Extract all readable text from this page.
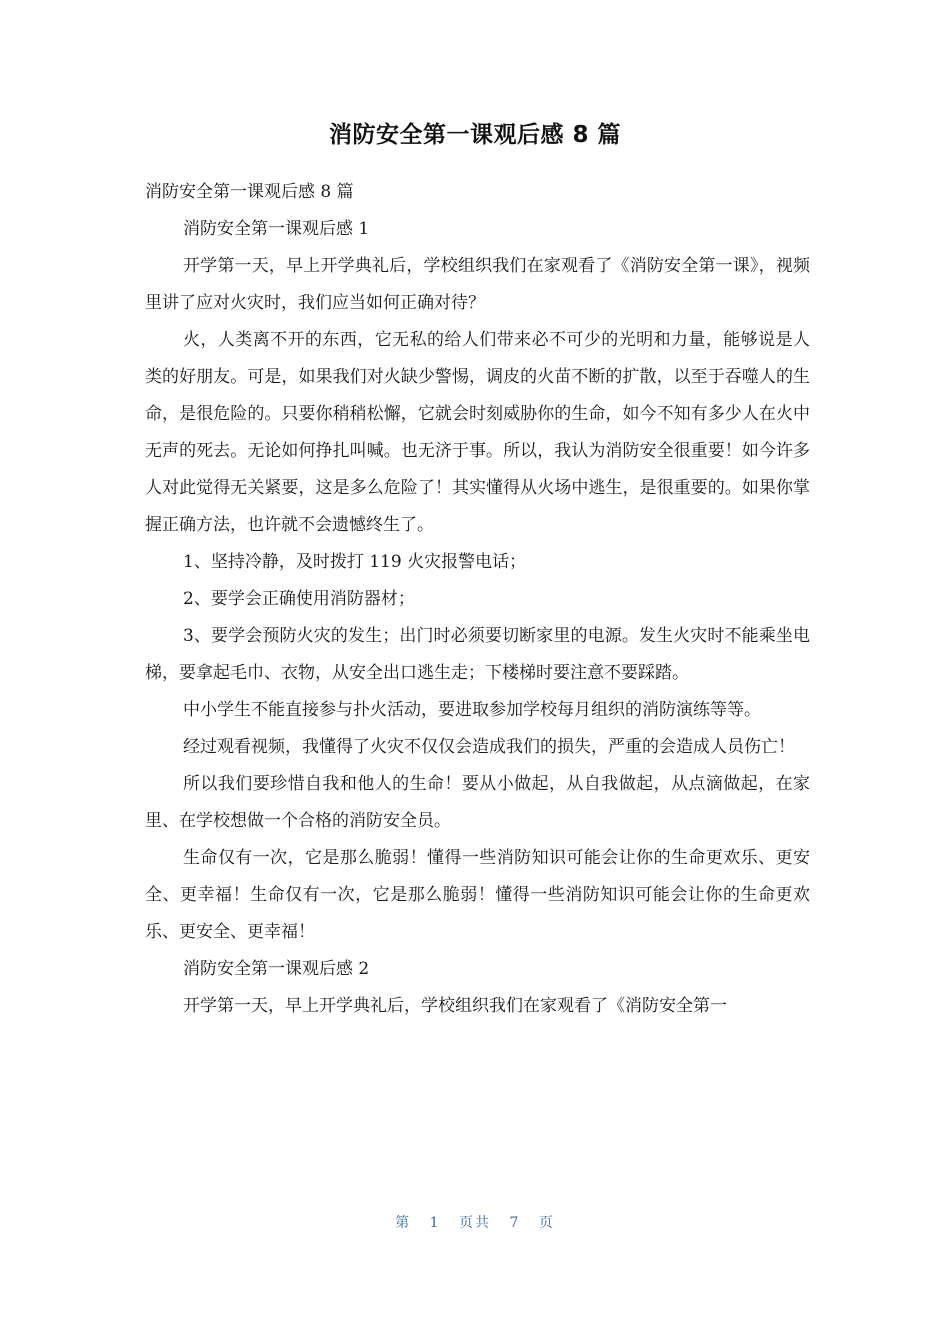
消防安全第一课观后感 8 篇

消防安全第一课观后感 8 篇

消防安全第一课观后感 1

开学第一天，早上开学典礼后，学校组织我们在家观看了《消防安全第一课》，视频里讲了应对火灾时，我们应当如何正确对待？

火，人类离不开的东西，它无私的给人们带来必不可少的光明和力量，能够说是人类的好朋友。可是，如果我们对火缺少警惕，调皮的火苗不断的扩散，以至于吞噬人的生命，是很危险的。只要你稍稍松懈，它就会时刻威胁你的生命，如今不知有多少人在火中无声的死去。无论如何挣扎叫喊。也无济于事。所以，我认为消防安全很重要！如今许多人对此觉得无关紧要，这是多么危险了！其实懂得从火场中逃生，是很重要的。如果你掌握正确方法，也许就不会遗憾终生了。

1、坚持冷静，及时拨打 119 火灾报警电话；

2、要学会正确使用消防器材；

3、要学会预防火灾的发生；出门时必须要切断家里的电源。发生火灾时不能乘坐电梯，要拿起毛巾、衣物，从安全出口逃生走；下楼梯时要注意不要踩踏。

中小学生不能直接参与扑火活动，要进取参加学校每月组织的消防演练等等。

经过观看视频，我懂得了火灾不仅仅会造成我们的损失，严重的会造成人员伤亡！

所以我们要珍惜自我和他人的生命！要从小做起，从自我做起，从点滴做起，在家里、在学校想做一个合格的消防安全员。

生命仅有一次，它是那么脆弱！懂得一些消防知识可能会让你的生命更欢乐、更安全、更幸福！生命仅有一次，它是那么脆弱！懂得一些消防知识可能会让你的生命更欢乐、更安全、更幸福！

消防安全第一课观后感 2

开学第一天，早上开学典礼后，学校组织我们在家观看了《消防安全第一

第 1 页共 7 页
